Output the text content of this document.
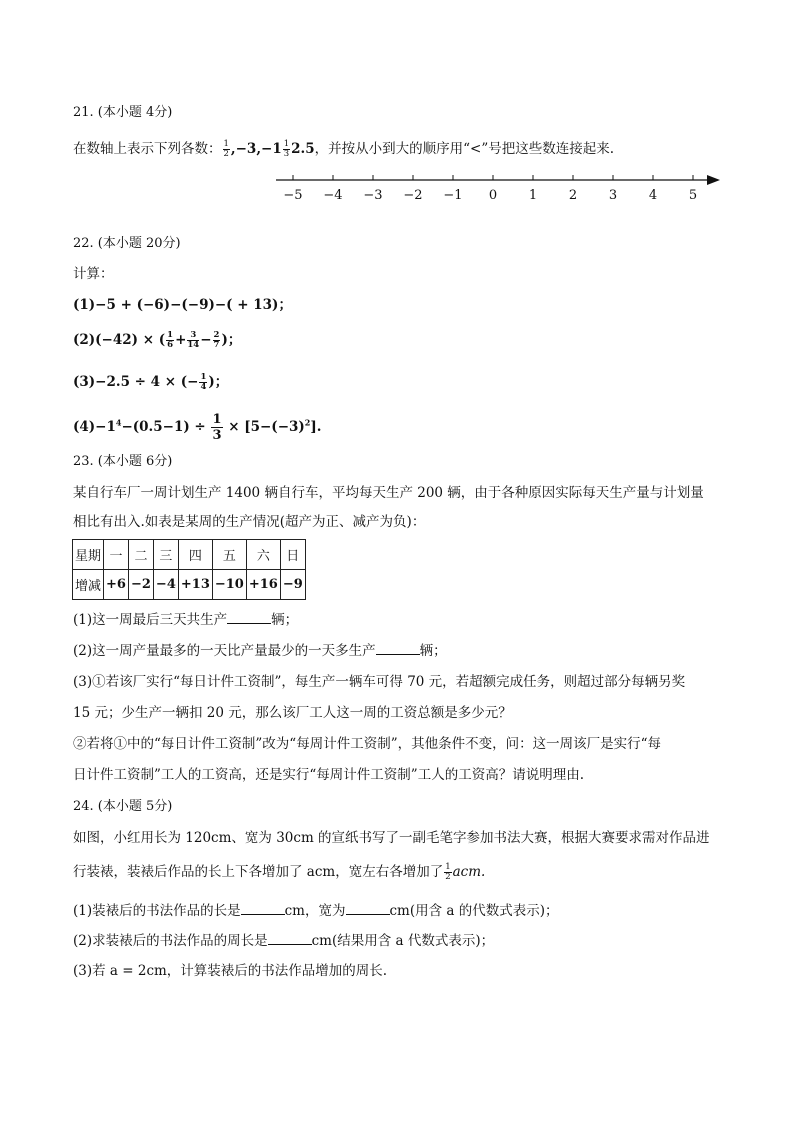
21. (本小题 4分)
在数轴上表示下列各数： $\frac{1}{2} ,-3,-1 \frac{1}{3} 2.5$，并按从小到大的顺序用“<”号把这些数连接起来.
−5 −4 −3 −2 −1 0 1 2 3 4 5
22. (本小题 20分)
计算：
(1)−5 + (−6)−(−9)−( + 13)；
(2)(−42) × ( $\frac{1}{6} + \frac{3}{14} - \frac{2}{7}$ )；
(3)−2.5 ÷ 4 × (− $\frac{1}{4}$ )；
$(4)-1^4-(0.5-1) \div \frac{1}{3} \times [5-(-3)^2]$.
23. (本小题 6分)
某自行车厂一周计划生产 1400 辆自行车，平均每天生产 200 辆，由于各种原因实际每天生产量与计划量
相比有出入.如表是某周的生产情况(超产为正、减产为负)：
星期	一	二	三	四	五	六	日
增减	+6	−2	−4	+13	−10	+16	−9
(1)这一周最后三天共生产	辆；
(2)这一周产量最多的一天比产量最少的一天多生产	辆；
(3)①若该厂实行“每日计件工资制”，每生产一辆车可得 70 元，若超额完成任务，则超过部分每辆另奖
15 元；少生产一辆扣 20 元，那么该厂工人这一周的工资总额是多少元？
②若将①中的“每日计件工资制”改为“每周计件工资制”，其他条件不变，问：这一周该厂是实行“每
日计件工资制”工人的工资高，还是实行“每周计件工资制”工人的工资高？请说明理由.
24. (本小题 5分)
如图，小红用长为 120cm、宽为 30cm 的宣纸书写了一副毛笔字参加书法大赛，根据大赛要求需对作品进
行装裱，装裱后作品的长上下各增加了 acm，宽左右各增加了 $\frac{1}{2}$ acm.
(1)装裱后的书法作品的长是	cm，宽为	cm(用含 a 的代数式表示)；
(2)求装裱后的书法作品的周长是	cm(结果用含 a 代数式表示)；
(3)若 a = 2cm，计算装裱后的书法作品增加的周长.
